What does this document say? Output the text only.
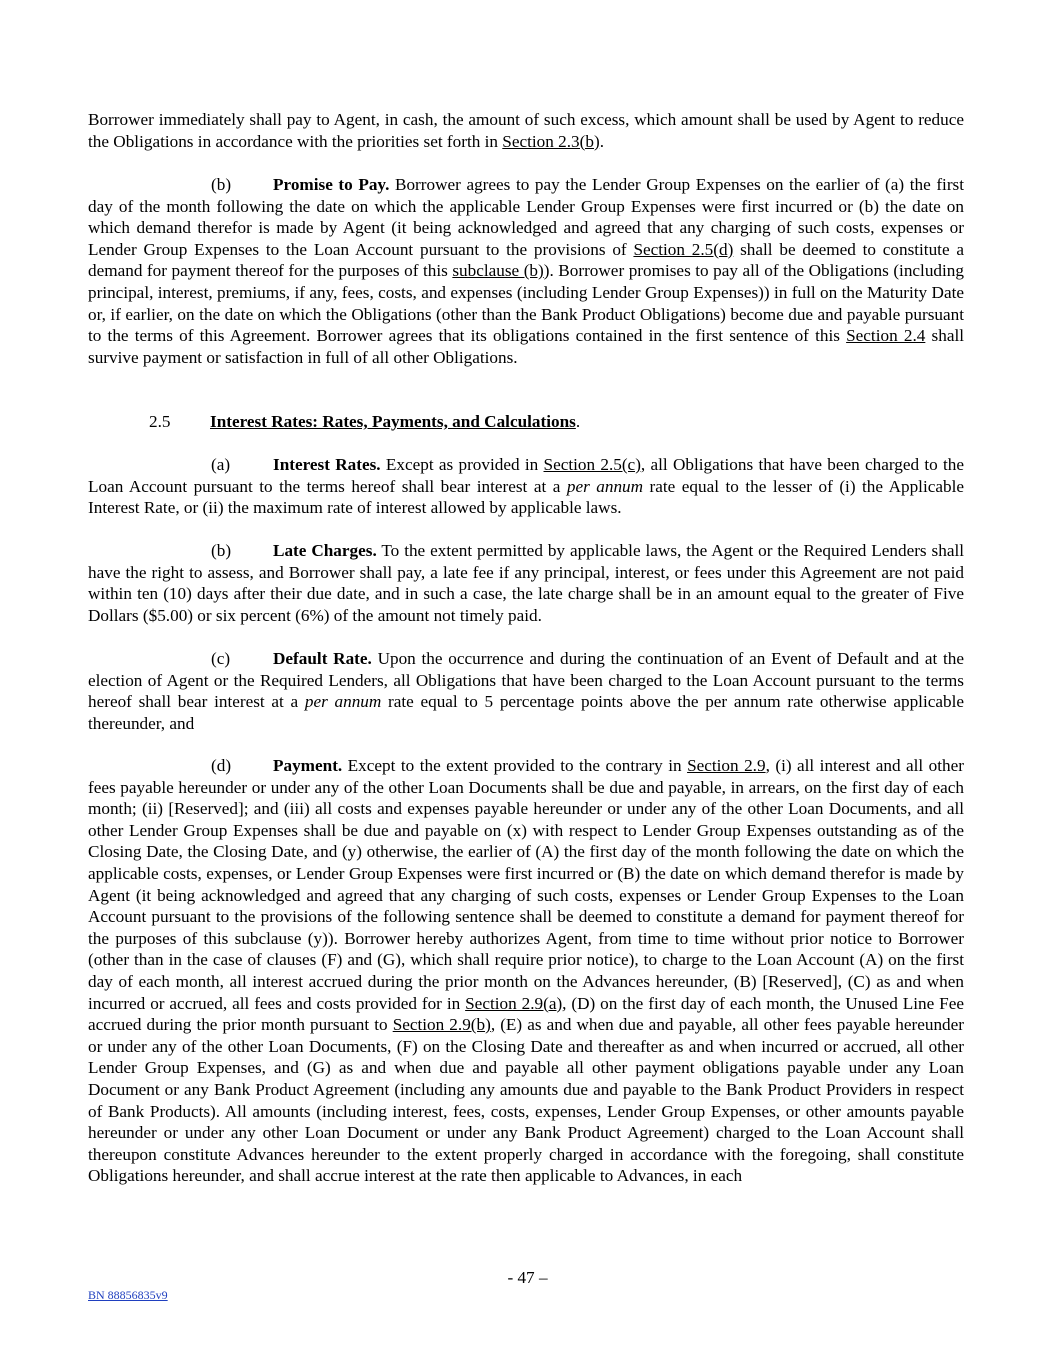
Borrower immediately shall pay to Agent, in cash, the amount of such excess, which amount shall be used by Agent to reduce the Obligations in accordance with the priorities set forth in Section 2.3(b).

(b) Promise to Pay. Borrower agrees to pay the Lender Group Expenses on the earlier of (a) the first day of the month following the date on which the applicable Lender Group Expenses were first incurred or (b) the date on which demand therefor is made by Agent (it being acknowledged and agreed that any charging of such costs, expenses or Lender Group Expenses to the Loan Account pursuant to the provisions of Section 2.5(d) shall be deemed to constitute a demand for payment thereof for the purposes of this subclause (b)). Borrower promises to pay all of the Obligations (including principal, interest, premiums, if any, fees, costs, and expenses (including Lender Group Expenses)) in full on the Maturity Date or, if earlier, on the date on which the Obligations (other than the Bank Product Obligations) become due and payable pursuant to the terms of this Agreement. Borrower agrees that its obligations contained in the first sentence of this Section 2.4 shall survive payment or satisfaction in full of all other Obligations.

2.5 Interest Rates: Rates, Payments, and Calculations.

(a) Interest Rates. Except as provided in Section 2.5(c), all Obligations that have been charged to the Loan Account pursuant to the terms hereof shall bear interest at a per annum rate equal to the lesser of (i) the Applicable Interest Rate, or (ii) the maximum rate of interest allowed by applicable laws.

(b) Late Charges. To the extent permitted by applicable laws, the Agent or the Required Lenders shall have the right to assess, and Borrower shall pay, a late fee if any principal, interest, or fees under this Agreement are not paid within ten (10) days after their due date, and in such a case, the late charge shall be in an amount equal to the greater of Five Dollars ($5.00) or six percent (6%) of the amount not timely paid.

(c) Default Rate. Upon the occurrence and during the continuation of an Event of Default and at the election of Agent or the Required Lenders, all Obligations that have been charged to the Loan Account pursuant to the terms hereof shall bear interest at a per annum rate equal to 5 percentage points above the per annum rate otherwise applicable thereunder, and

(d) Payment. Except to the extent provided to the contrary in Section 2.9, (i) all interest and all other fees payable hereunder or under any of the other Loan Documents shall be due and payable, in arrears, on the first day of each month; (ii) [Reserved]; and (iii) all costs and expenses payable hereunder or under any of the other Loan Documents, and all other Lender Group Expenses shall be due and payable on (x) with respect to Lender Group Expenses outstanding as of the Closing Date, the Closing Date, and (y) otherwise, the earlier of (A) the first day of the month following the date on which the applicable costs, expenses, or Lender Group Expenses were first incurred or (B) the date on which demand therefor is made by Agent (it being acknowledged and agreed that any charging of such costs, expenses or Lender Group Expenses to the Loan Account pursuant to the provisions of the following sentence shall be deemed to constitute a demand for payment thereof for the purposes of this subclause (y)). Borrower hereby authorizes Agent, from time to time without prior notice to Borrower (other than in the case of clauses (F) and (G), which shall require prior notice), to charge to the Loan Account (A) on the first day of each month, all interest accrued during the prior month on the Advances hereunder, (B) [Reserved], (C) as and when incurred or accrued, all fees and costs provided for in Section 2.9(a), (D) on the first day of each month, the Unused Line Fee accrued during the prior month pursuant to Section 2.9(b), (E) as and when due and payable, all other fees payable hereunder or under any of the other Loan Documents, (F) on the Closing Date and thereafter as and when incurred or accrued, all other Lender Group Expenses, and (G) as and when due and payable all other payment obligations payable under any Loan Document or any Bank Product Agreement (including any amounts due and payable to the Bank Product Providers in respect of Bank Products). All amounts (including interest, fees, costs, expenses, Lender Group Expenses, or other amounts payable hereunder or under any other Loan Document or under any Bank Product Agreement) charged to the Loan Account shall thereupon constitute Advances hereunder to the extent properly charged in accordance with the foregoing, shall constitute Obligations hereunder, and shall accrue interest at the rate then applicable to Advances, in each

- 47 –
BN 88856835v9
